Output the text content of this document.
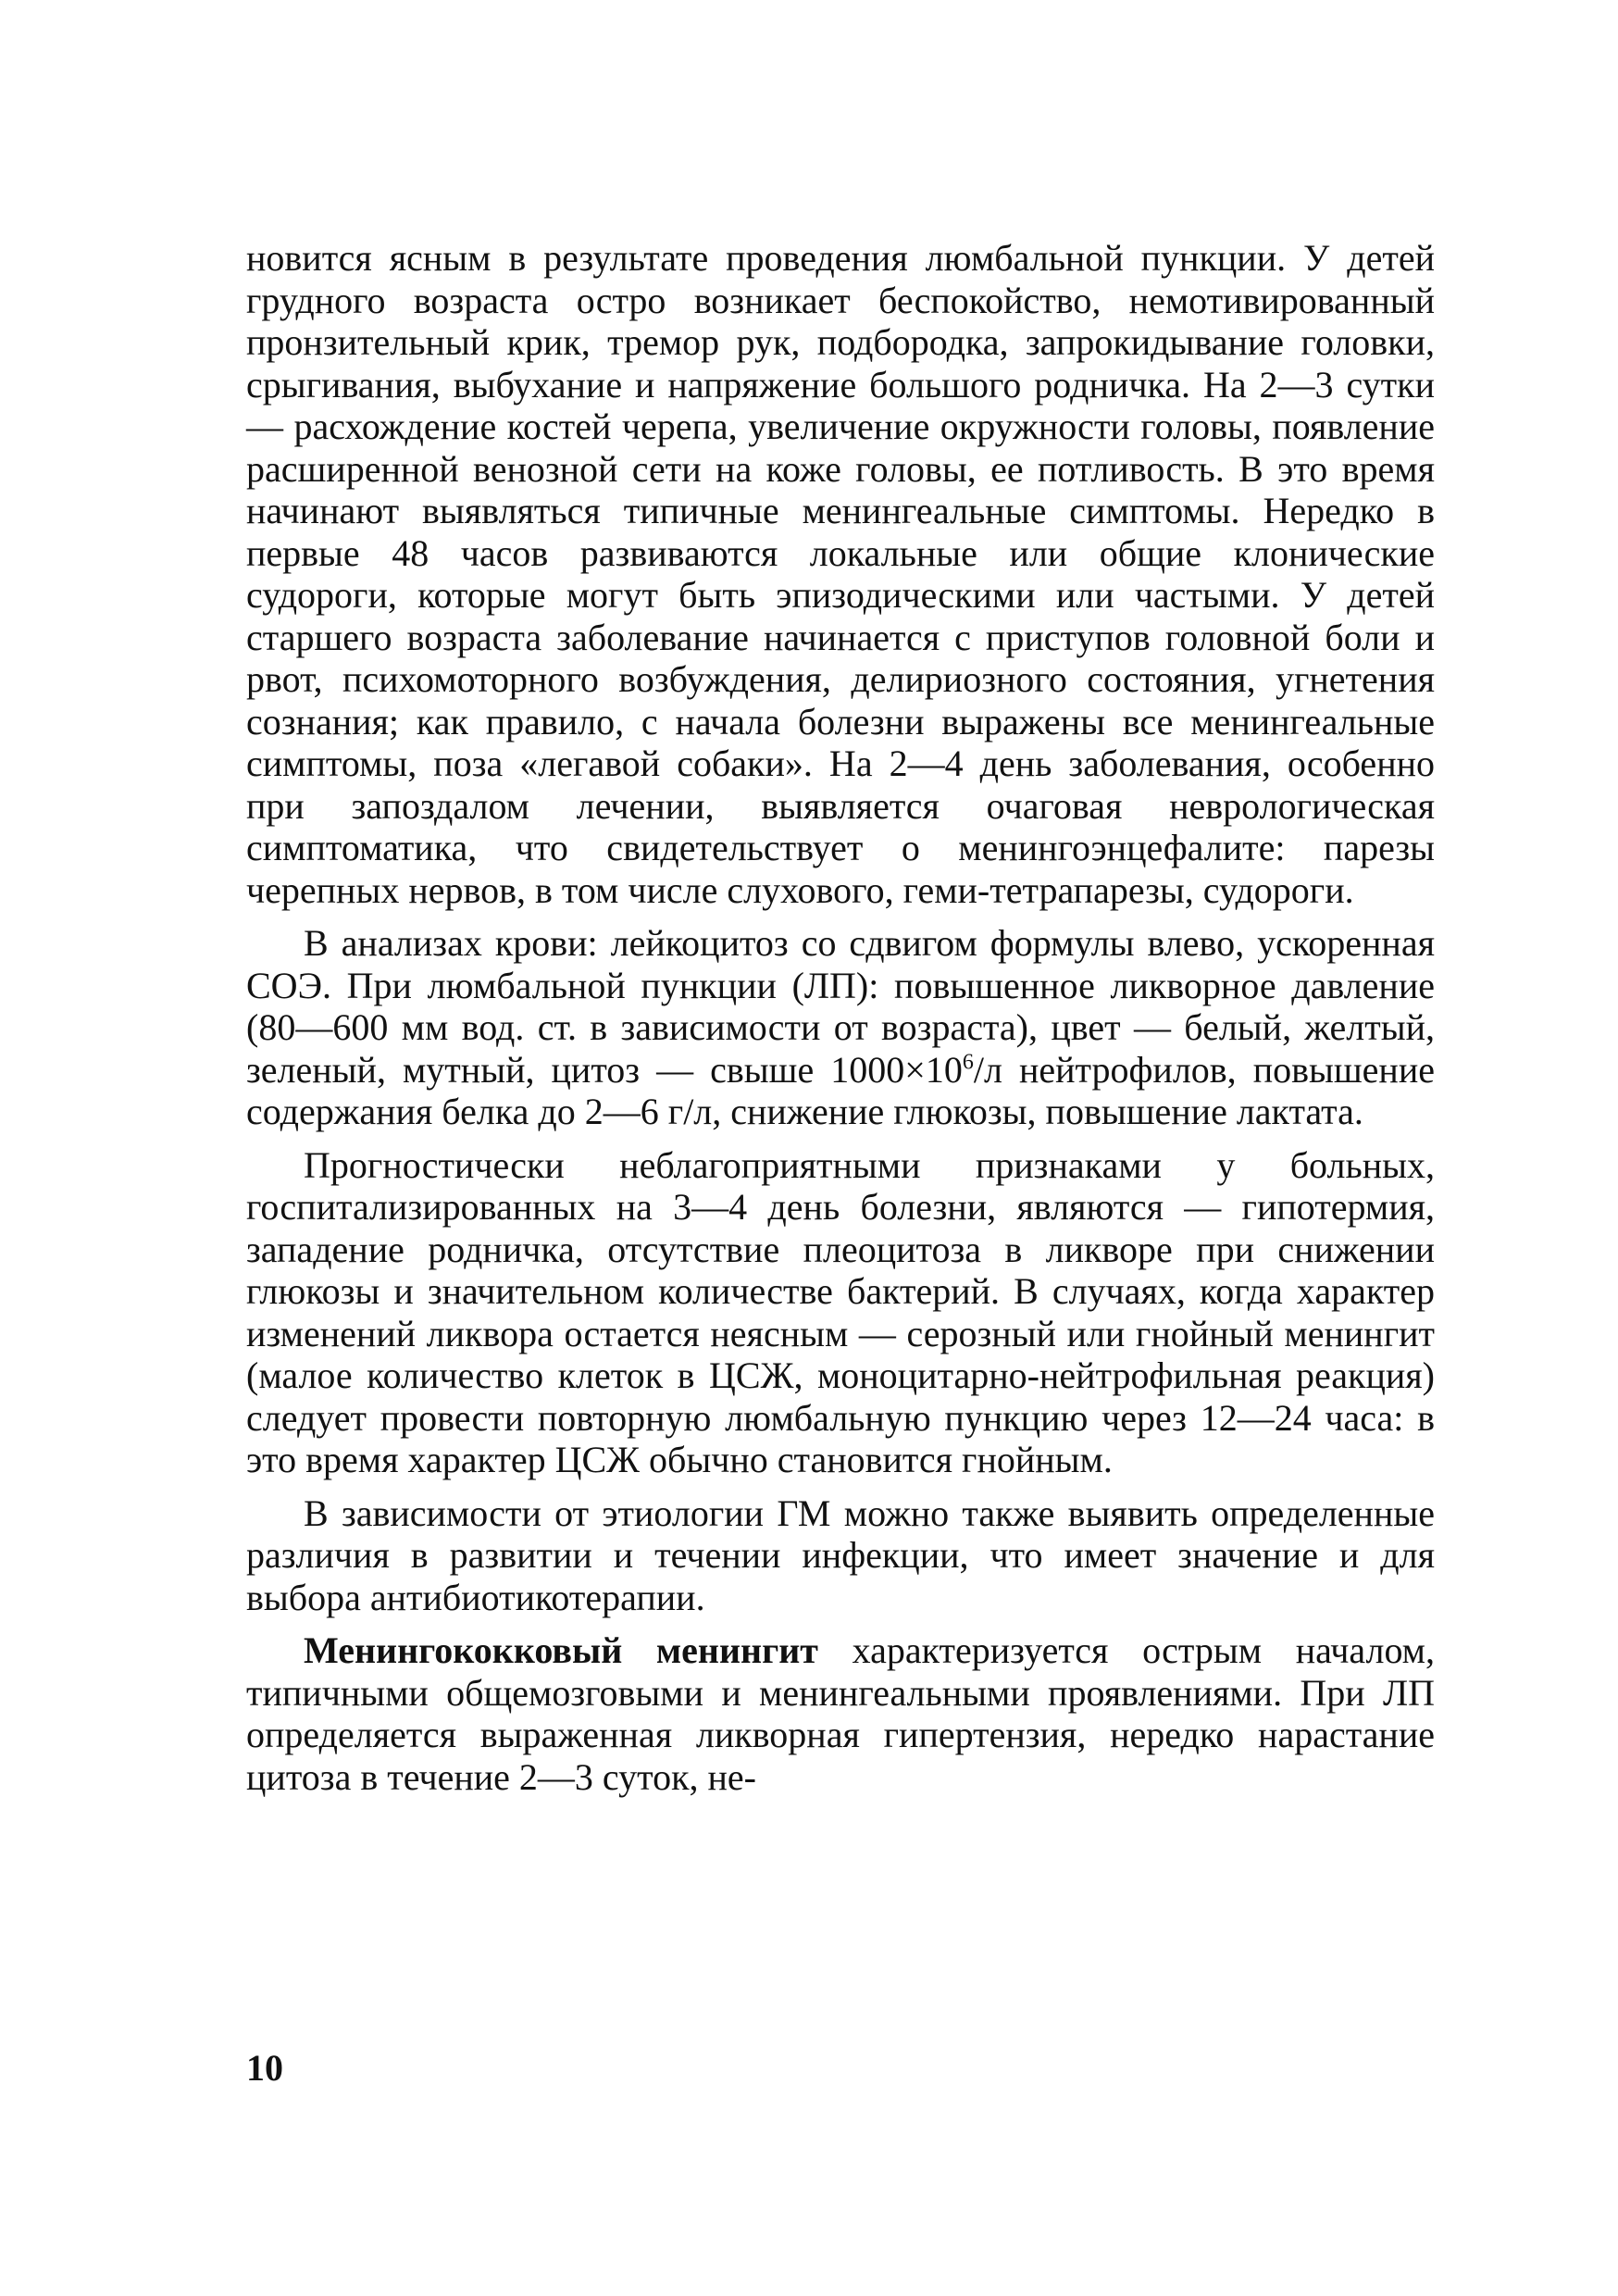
новится ясным в результате проведения люмбальной пункции. У детей грудного возраста остро возникает беспокойство, немотивированный пронзительный крик, тремор рук, подбородка, запрокидывание головки, срыгивания, выбухание и напряжение большого родничка. На 2—3 сутки — расхождение костей черепа, увеличение окружности головы, появление расширенной венозной сети на коже головы, ее потливость. В это время начинают выявляться типичные менингеальные симптомы. Нередко в первые 48 часов развиваются локальные или общие клонические судороги, которые могут быть эпизодическими или частыми. У детей старшего возраста заболевание начинается с приступов головной боли и рвот, психомоторного возбуждения, делириозного состояния, угнетения сознания; как правило, с начала болезни выражены все менингеальные симптомы, поза «легавой собаки». На 2—4 день заболевания, особенно при запоздалом лечении, выявляется очаговая неврологическая симптоматика, что свидетельствует о менингоэнцефалите: парезы черепных нервов, в том числе слухового, геми-тетрапарезы, судороги.

В анализах крови: лейкоцитоз со сдвигом формулы влево, ускоренная СОЭ. При люмбальной пункции (ЛП): повышенное ликворное давление (80—600 мм вод. ст. в зависимости от возраста), цвет — белый, желтый, зеленый, мутный, цитоз — свыше $1000\times 10^6/л$ нейтрофилов, повышение содержания белка до 2—6 г/л, снижение глюкозы, повышение лактата.

Прогностически неблагоприятными признаками у больных, госпитализированных на 3—4 день болезни, являются — гипотермия, западение родничка, отсутствие плеоцитоза в ликворе при снижении глюкозы и значительном количестве бактерий. В случаях, когда характер изменений ликвора остается неясным — серозный или гнойный менингит (малое количество клеток в ЦСЖ, моноцитарно-нейтрофильная реакция) следует провести повторную люмбальную пункцию через 12—24 часа: в это время характер ЦСЖ обычно становится гнойным.

В зависимости от этиологии ГМ можно также выявить определенные различия в развитии и течении инфекции, что имеет значение и для выбора антибиотикотерапии.

Менингококковый менингит характеризуется острым началом, типичными общемозговыми и менингеальными проявлениями. При ЛП определяется выраженная ликворная гипертензия, нередко нарастание цитоза в течение 2—3 суток, не-

10
